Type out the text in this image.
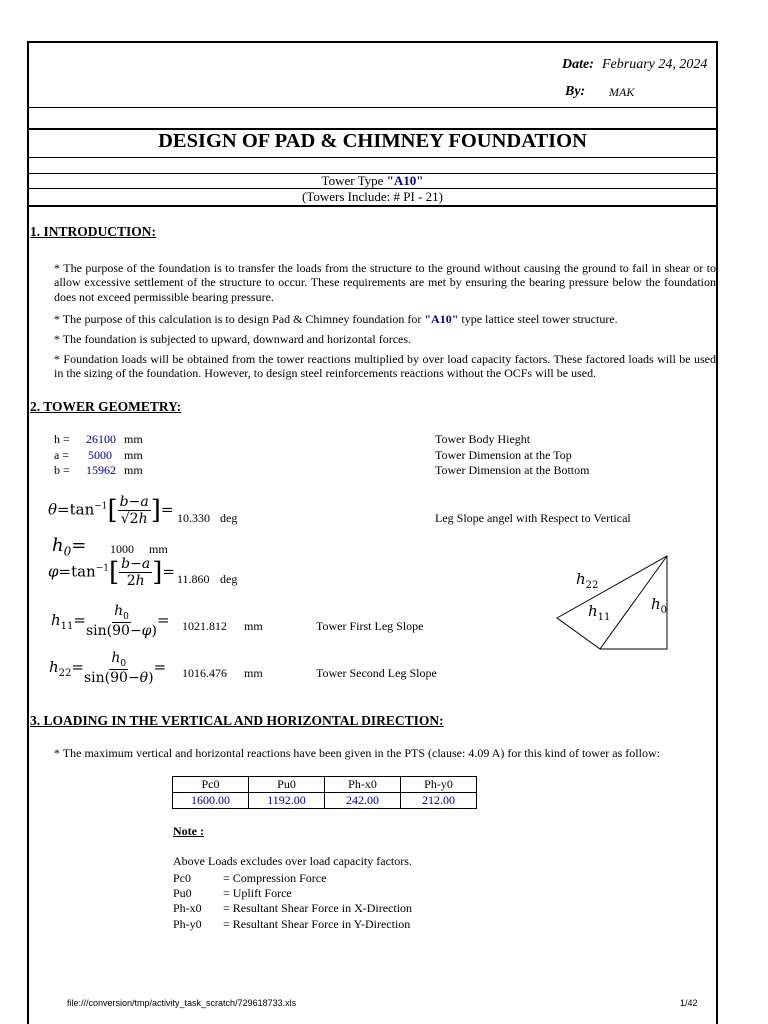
Date: February 24, 2024
By: MAK
DESIGN OF PAD & CHIMNEY FOUNDATION
Tower Type "A10"
(Towers Include: # PI - 21)
1. INTRODUCTION:
* The purpose of the foundation is to transfer the loads from the structure to the ground without causing the ground to fail in shear or to allow excessive settlement of the structure to occur. These requirements are met by ensuring the bearing pressure below the foundation does not exceed permissible bearing pressure.
* The purpose of this calculation is to design Pad & Chimney foundation for "A10" type lattice steel tower structure.
* The foundation is subjected to upward, downward and horizontal forces.
* Foundation loads will be obtained from the tower reactions multiplied by over load capacity factors. These factored loads will be used in the sizing of the foundation. However, to design steel reinforcements reactions without the OCFs will be used.
2. TOWER GEOMETRY:
h =	26100 mm	Tower Body Hieght
a =	5000 mm	Tower Dimension at the Top
b =	15962 mm	Tower Dimension at the Bottom
$\theta=\tan^{-1}[ \frac{b-a}{√2h}$ ]= 10.330 deg	Leg Slope angel with Respect to Vertical
$h_0= 1000$ mm
$\varphi=\tan^{-1}[ \frac{b-a}{2h}$ ]= 11.860 deg
$h_{11}= \frac{h_0}{\sin(90-\varphi)} = 1021.812$ mm	Tower First Leg Slope
$h_{22}= \frac{h_0}{\sin(90-\theta)} = 1016.476$ mm	Tower Second Leg Slope
$h_{22}$
$h_{11}$
$h_0$
3. LOADING IN THE VERTICAL AND HORIZONTAL DIRECTION:
* The maximum vertical and horizontal reactions have been given in the PTS (clause: 4.09 A) for this kind of tower as follow:
Pc0	Pu0	Ph-x0	Ph-y0
1600.00	1192.00	242.00	212.00
Note :
Above Loads excludes over load capacity factors.
Pc0	= Compression Force
Pu0	= Uplift Force
Ph-x0 = Resultant Shear Force in X-Direction
Ph-y0 = Resultant Shear Force in Y-Direction
file:///conversion/tmp/activity_task_scratch/729618733.xls	1/42
